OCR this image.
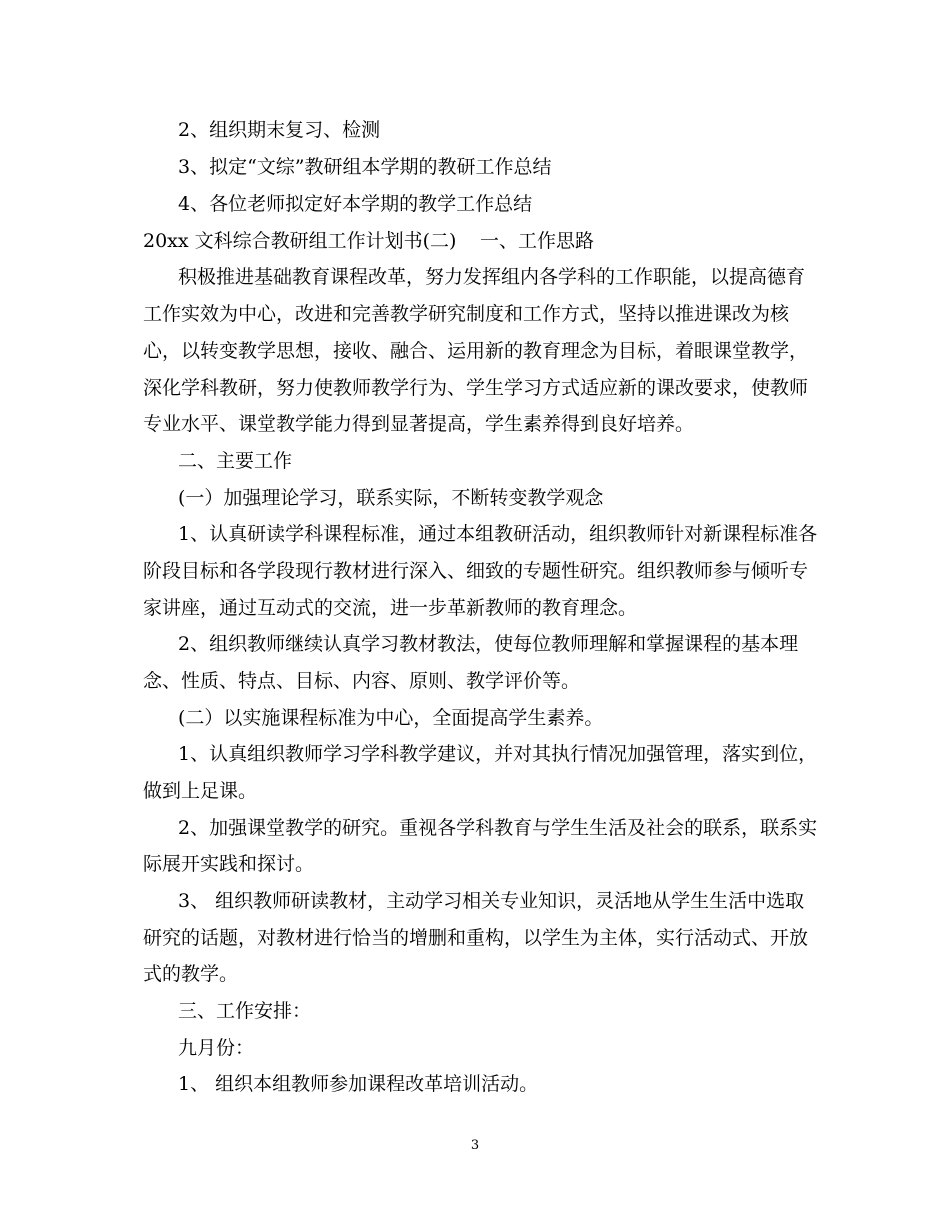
2、组织期末复习、检测
3、拟定“文综”教研组本学期的教研工作总结
4、各位老师拟定好本学期的教学工作总结
20xx 文科综合教研组工作计划书(二) 一、工作思路
积极推进基础教育课程改革，努力发挥组内各学科的工作职能，以提高德育
工作实效为中心，改进和完善教学研究制度和工作方式，坚持以推进课改为核
心，以转变教学思想，接收、融合、运用新的教育理念为目标，着眼课堂教学，
深化学科教研，努力使教师教学行为、学生学习方式适应新的课改要求，使教师
专业水平、课堂教学能力得到显著提高，学生素养得到良好培养。
二、主要工作
(一）加强理论学习，联系实际，不断转变教学观念
1、认真研读学科课程标准，通过本组教研活动，组织教师针对新课程标准各
阶段目标和各学段现行教材进行深入、细致的专题性研究。组织教师参与倾听专
家讲座，通过互动式的交流，进一步革新教师的教育理念。
2、组织教师继续认真学习教材教法，使每位教师理解和掌握课程的基本理
念、性质、特点、目标、内容、原则、教学评价等。
(二）以实施课程标准为中心，全面提高学生素养。
1、认真组织教师学习学科教学建议，并对其执行情况加强管理，落实到位，
做到上足课。
2、加强课堂教学的研究。重视各学科教育与学生生活及社会的联系，联系实
际展开实践和探讨。
3、 组织教师研读教材，主动学习相关专业知识，灵活地从学生生活中选取
研究的话题，对教材进行恰当的增删和重构，以学生为主体，实行活动式、开放
式的教学。
三、工作安排：
九月份：
1、 组织本组教师参加课程改革培训活动。
3
